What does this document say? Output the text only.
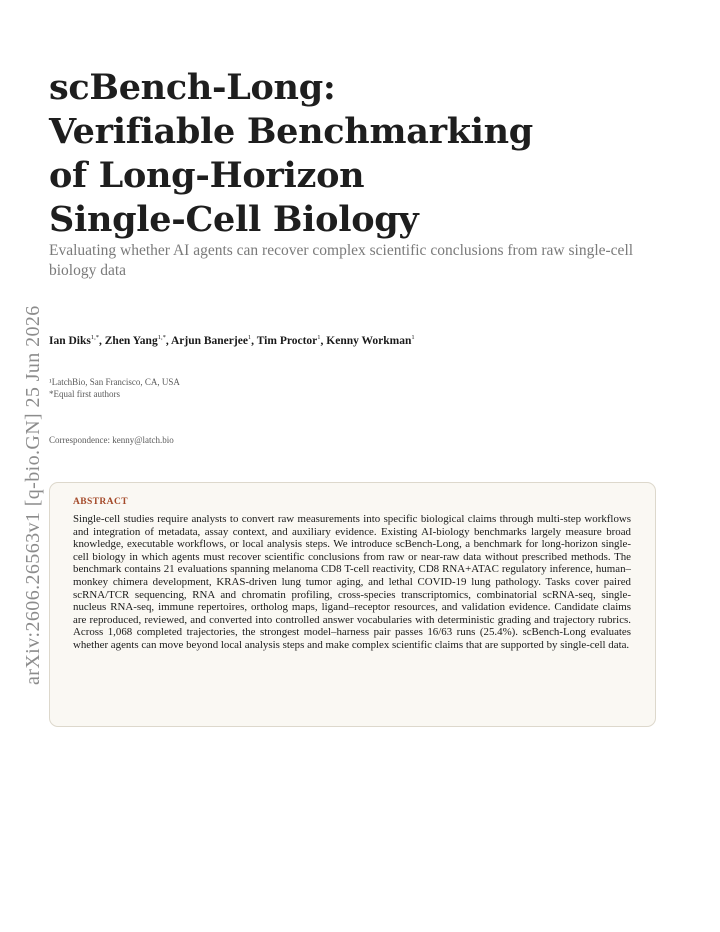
arXiv:2606.26563v1 [q-bio.GN] 25 Jun 2026
scBench-Long:
Verifiable Benchmarking
of Long-Horizon
Single-Cell Biology

Evaluating whether AI agents can recover complex scientific conclusions from raw single-cell biology data

Ian Diks$^{1,*}$, Zhen Yang$^{1,*}$, Arjun Banerjee$^1$, Tim Proctor$^1$, Kenny Workman$^1$

¹LatchBio, San Francisco, CA, USA
*Equal first authors
Correspondence: kenny@latch.bio

ABSTRACT

Single-cell studies require analysts to convert raw measurements into specific biological claims through multi-step workflows and integration of metadata, assay context, and auxiliary evidence. Existing AI-biology benchmarks largely measure broad knowledge, executable workflows, or local analysis steps. We introduce scBench-Long, a benchmark for long-horizon single-cell biology in which agents must recover scientific conclusions from raw or near-raw data without prescribed methods. The benchmark contains 21 evaluations spanning melanoma CD8 T-cell reactivity, CD8 RNA+ATAC regulatory inference, human–monkey chimera development, KRAS-driven lung tumor aging, and lethal COVID-19 lung pathology. Tasks cover paired scRNA/TCR sequencing, RNA and chromatin profiling, cross-species transcriptomics, combinatorial scRNA-seq, single-nucleus RNA-seq, immune repertoires, ortholog maps, ligand–receptor resources, and validation evidence. Candidate claims are reproduced, reviewed, and converted into controlled answer vocabularies with deterministic grading and trajectory rubrics. Across 1,068 completed trajectories, the strongest model–harness pair passes 16/63 runs (25.4%). scBench-Long evaluates whether agents can move beyond local analysis steps and make complex scientific claims that are supported by single-cell data.
